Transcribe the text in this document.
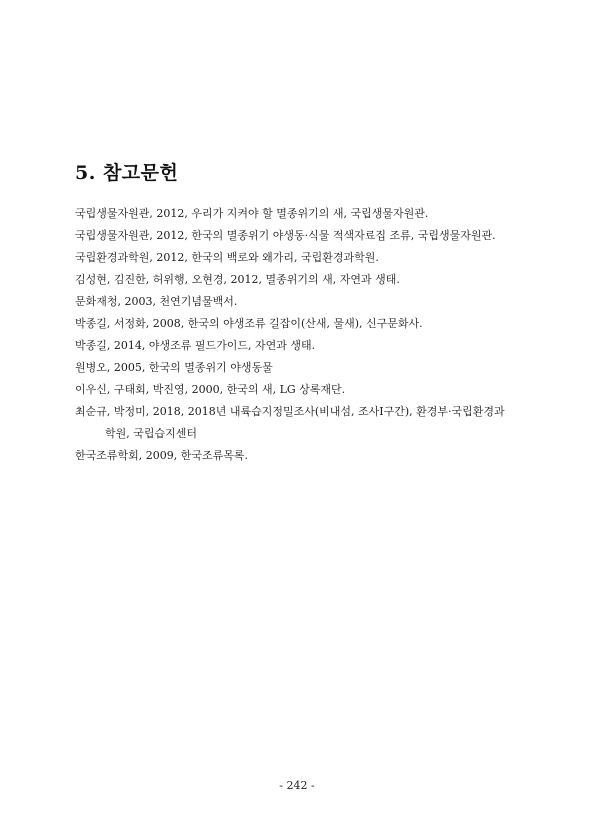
5. 참고문헌
국립생물자원관, 2012, 우리가 지켜야 할 멸종위기의 새, 국립생물자원관.
국립생물자원관, 2012, 한국의 멸종위기 야생동·식물 적색자료집 조류, 국립생물자원관.
국립환경과학원, 2012, 한국의 백로와 왜가리, 국립환경과학원.
김성현, 김진한, 허위행, 오현경, 2012, 멸종위기의 새, 자연과 생태.
문화재청, 2003, 천연기념물백서.
박종길, 서정화, 2008, 한국의 야생조류 길잡이(산새, 물새), 신구문화사.
박종길, 2014, 야생조류 필드가이드, 자연과 생태.
원병오, 2005, 한국의 멸종위기 야생동물
이우신, 구태회, 박진영, 2000, 한국의 새, LG 상록재단.
최순규, 박정미, 2018, 2018년 내륙습지정밀조사(비내섬, 조사Ⅰ구간), 환경부·국립환경과
학원, 국립습지센터
한국조류학회, 2009, 한국조류목록.
- 242 -
